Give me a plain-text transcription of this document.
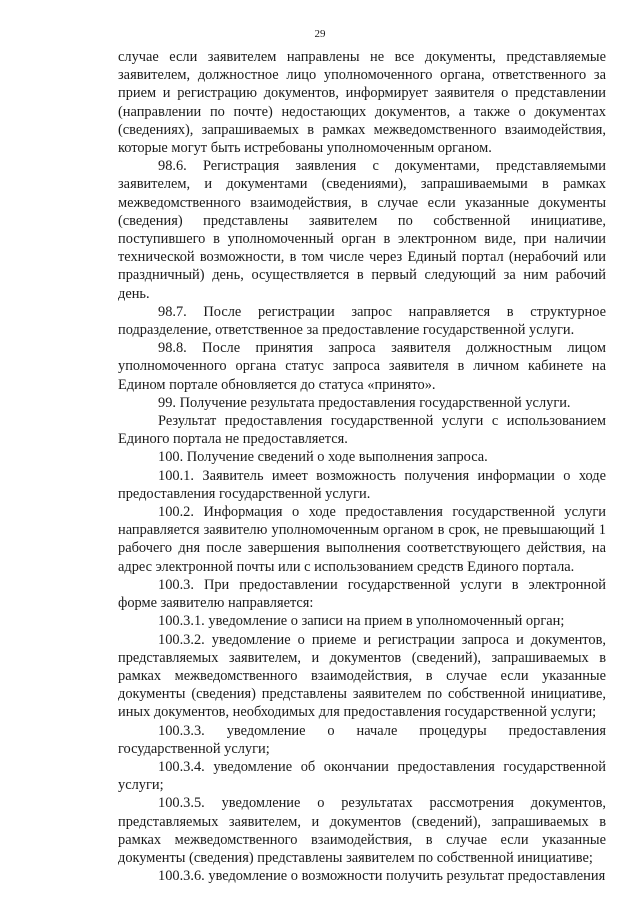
29

случае если заявителем направлены не все документы, представляемые заявителем, должностное лицо уполномоченного органа, ответственного за прием и регистрацию документов, информирует заявителя о представлении (направлении по почте) недостающих документов, а также о документах (сведениях), запрашиваемых в рамках межведомственного взаимодействия, которые могут быть истребованы уполномоченным органом.

98.6. Регистрация заявления с документами, представляемыми заявителем, и документами (сведениями), запрашиваемыми в рамках межведомственного взаимодействия, в случае если указанные документы (сведения) представлены заявителем по собственной инициативе, поступившего в уполномоченный орган в электронном виде, при наличии технической возможности, в том числе через Единый портал (нерабочий или праздничный) день, осуществляется в первый следующий за ним рабочий день.

98.7. После регистрации запрос направляется в структурное подразделение, ответственное за предоставление государственной услуги.

98.8. После принятия запроса заявителя должностным лицом уполномоченного органа статус запроса заявителя в личном кабинете на Едином портале обновляется до статуса «принято».

99. Получение результата предоставления государственной услуги.

Результат предоставления государственной услуги с использованием Единого портала не предоставляется.

100. Получение сведений о ходе выполнения запроса.

100.1. Заявитель имеет возможность получения информации о ходе предоставления государственной услуги.

100.2. Информация о ходе предоставления государственной услуги направляется заявителю уполномоченным органом в срок, не превышающий 1 рабочего дня после завершения выполнения соответствующего действия, на адрес электронной почты или с использованием средств Единого портала.

100.3. При предоставлении государственной услуги в электронной форме заявителю направляется:

100.3.1. уведомление о записи на прием в уполномоченный орган;

100.3.2. уведомление о приеме и регистрации запроса и документов, представляемых заявителем, и документов (сведений), запрашиваемых в рамках межведомственного взаимодействия, в случае если указанные документы (сведения) представлены заявителем по собственной инициативе, иных документов, необходимых для предоставления государственной услуги;

100.3.3. уведомление о начале процедуры предоставления государственной услуги;

100.3.4. уведомление об окончании предоставления государственной услуги;

100.3.5. уведомление о результатах рассмотрения документов, представляемых заявителем, и документов (сведений), запрашиваемых в рамках межведомственного взаимодействия, в случае если указанные документы (сведения) представлены заявителем по собственной инициативе;

100.3.6. уведомление о возможности получить результат предоставления
